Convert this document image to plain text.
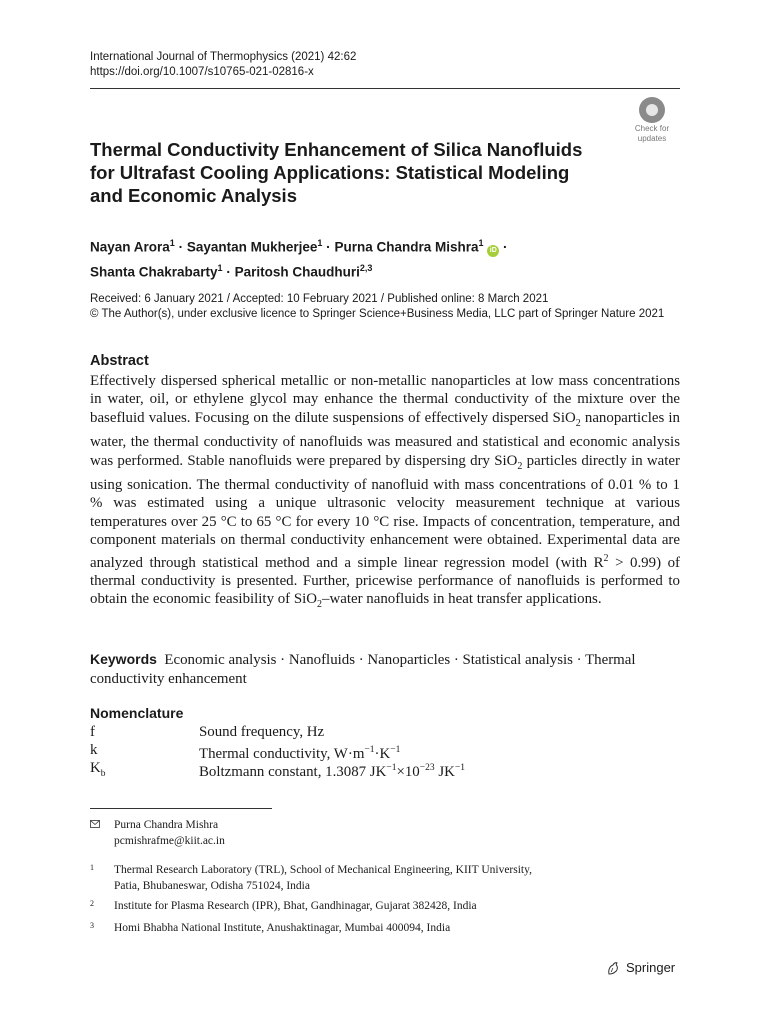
International Journal of Thermophysics (2021) 42:62
https://doi.org/10.1007/s10765-021-02816-x
Check for
updates
Thermal Conductivity Enhancement of Silica Nanofluids
for Ultrafast Cooling Applications: Statistical Modeling
and Economic Analysis
Nayan Arora$^1$ · Sayantan Mukherjee$^1$ · Purna Chandra Mishra$^1$ iD ·
Shanta Chakrabarty$^1$ · Paritosh Chaudhuri$^{2,3}$
Received: 6 January 2021 / Accepted: 10 February 2021 / Published online: 8 March 2021
© The Author(s), under exclusive licence to Springer Science+Business Media, LLC part of Springer Nature 2021
Abstract
Effectively dispersed spherical metallic or non-metallic nanoparticles at low mass concentrations in water, oil, or ethylene glycol may enhance the thermal conductivity of the mixture over the basefluid values. Focusing on the dilute suspensions of effectively dispersed SiO$_2$ nanoparticles in water, the thermal conductivity of nanofluids was measured and statistical and economic analysis was performed. Stable nanofluids were prepared by dispersing dry SiO$_2$ particles directly in water using sonication. The thermal conductivity of nanofluid with mass concentrations of 0.01 % to 1 % was estimated using a unique ultrasonic velocity measurement technique at various temperatures over 25 °C to 65 °C for every 10 °C rise. Impacts of concentration, temperature, and component materials on thermal conductivity enhancement were obtained. Experimental data are analyzed through statistical method and a simple linear regression model (with $R^2 > 0.99$) of thermal conductivity is presented. Further, pricewise performance of nanofluids is performed to obtain the economic feasibility of SiO$_2$–water nanofluids in heat transfer applications.
Keywords Economic analysis · Nanofluids · Nanoparticles · Statistical analysis · Thermal conductivity enhancement
Nomenclature
f	Sound frequency, Hz
k	Thermal conductivity, $W\cdot m^{-1}\cdot K^{-1}$
$K_b$	Boltzmann constant, 1.3087 $JK^{-1}\times 10^{-23}$ $JK^{-1}$
Purna Chandra Mishra
pcmishrafme@kiit.ac.in
1 Thermal Research Laboratory (TRL), School of Mechanical Engineering, KIIT University,
Patia, Bhubaneswar, Odisha 751024, India
2 Institute for Plasma Research (IPR), Bhat, Gandhinagar, Gujarat 382428, India
3 Homi Bhabha National Institute, Anushaktinagar, Mumbai 400094, India
Springer
